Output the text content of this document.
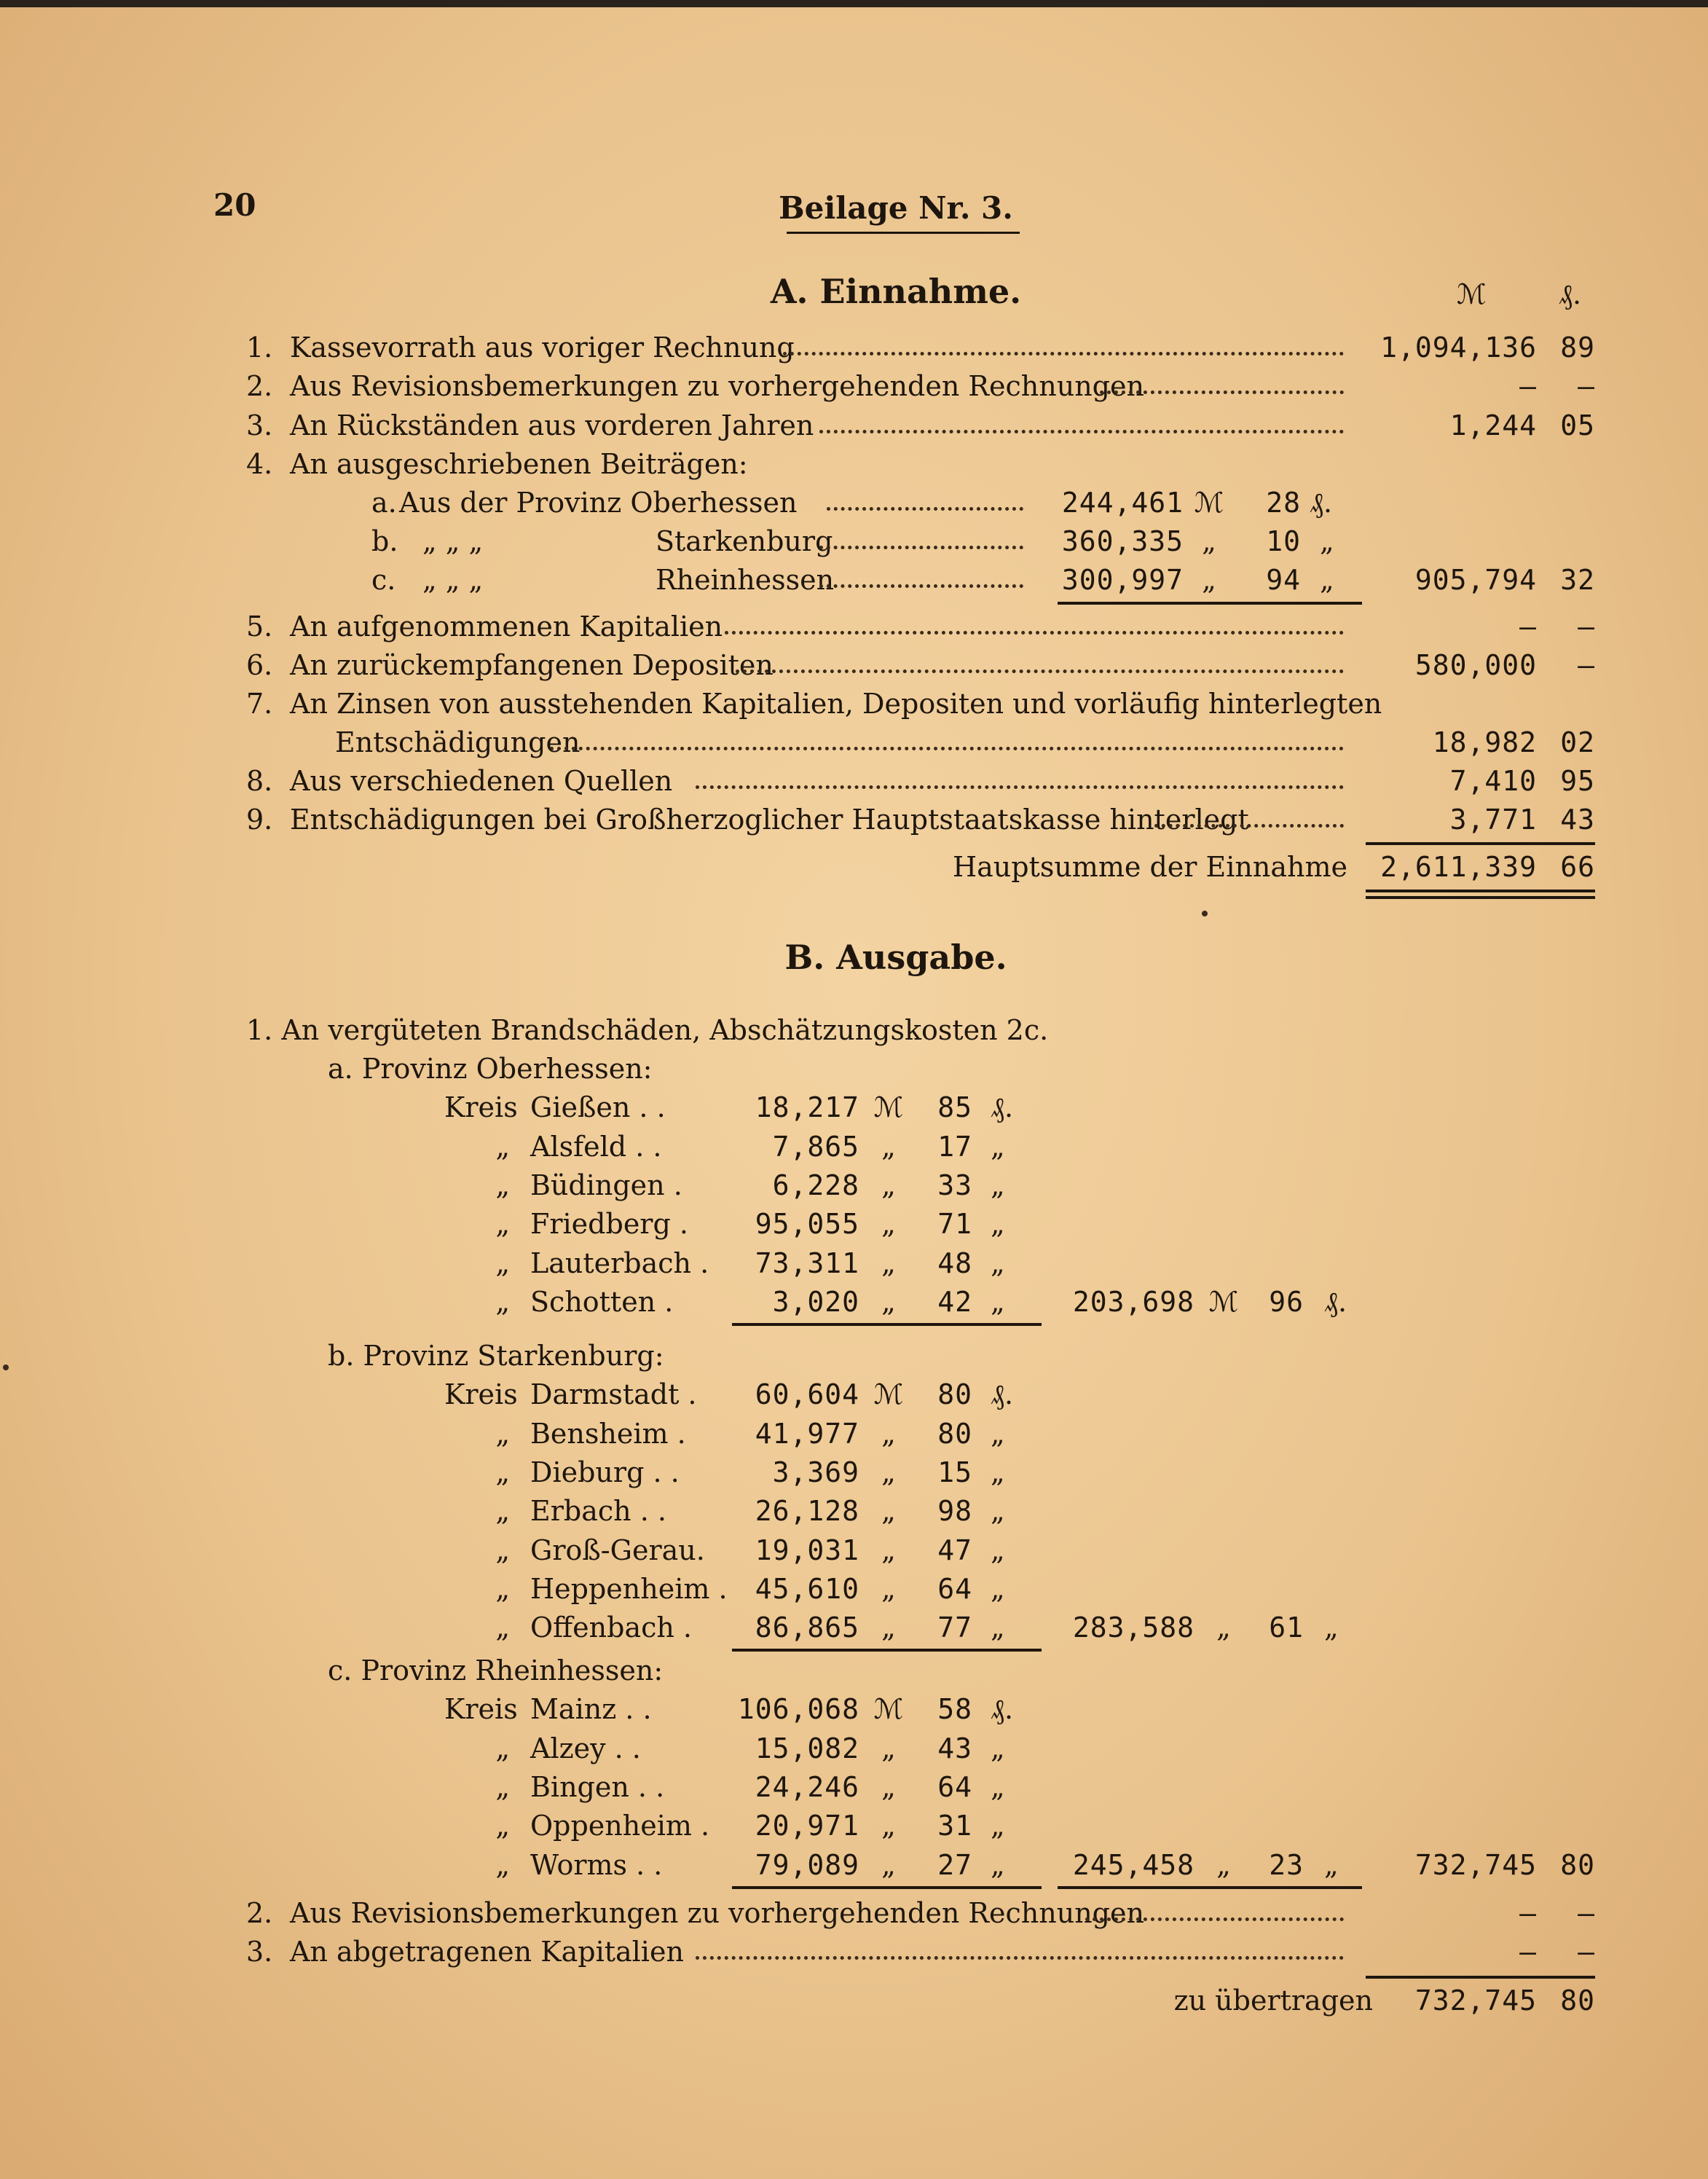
20	Beilage Nr. 3.
A. Einnahme.	ℳ	₰.
1. Kassevorrath aus voriger Rechnung	1,094,136 89
2. Aus Revisionsbemerkungen zu vorhergehenden Rechnungen	—	—
3. An Rückständen aus vorderen Jahren	1,244 05
4. An ausgeschriebenen Beiträgen:
a. Aus der Provinz Oberhessen	244,461 ℳ	28 ₰.
b. „ „ „	Starkenburg	360,335 „	10 „
c. „ „ „	Rheinhessen	300,997 „	94 „	905,794 32
5. An aufgenommenen Kapitalien	—	—
6. An zurückempfangenen Depositen	580,000	—
7. An Zinsen von ausstehenden Kapitalien, Depositen und vorläufig hinterlegten
Entschädigungen	18,982 02
8. Aus verschiedenen Quellen	7,410 95
9. Entschädigungen bei Großherzoglicher Hauptstaatskasse hinterlegt	3,771 43
Hauptsumme der Einnahme	2,611,339 66
B. Ausgabe.
1. An vergüteten Brandschäden, Abschätzungskosten 2c.
a. Provinz Oberhessen:
Kreis Gießen . .	18,217 ℳ	85 ₰.
„ Alsfeld . .	7,865 „	17 „
„ Büdingen .	6,228 „	33 „
„ Friedberg .	95,055 „	71 „
„ Lauterbach .	73,311 „	48 „
„ Schotten .	3,020 „	42 „	203,698 ℳ	96 ₰.
b. Provinz Starkenburg:
Kreis Darmstadt .	60,604 ℳ	80 ₰.
„ Bensheim .	41,977 „	80 „
„ Dieburg . .	3,369 „	15 „
„ Erbach . .	26,128 „	98 „
„ Groß-Gerau.	19,031 „	47 „
„ Heppenheim .	45,610 „	64 „
„ Offenbach .	86,865 „	77 „	283,588 „	61 „
c. Provinz Rheinhessen:
Kreis Mainz . .	106,068 ℳ	58 ₰.
„ Alzey . .	15,082 „	43 „
„ Bingen . .	24,246 „	64 „
„ Oppenheim .	20,971 „	31 „
„ Worms . .	79,089 „	27 „	245,458 „	23 „	732,745 80
2. Aus Revisionsbemerkungen zu vorhergehenden Rechnungen	—	—
3. An abgetragenen Kapitalien	—	—
zu übertragen	732,745 80
